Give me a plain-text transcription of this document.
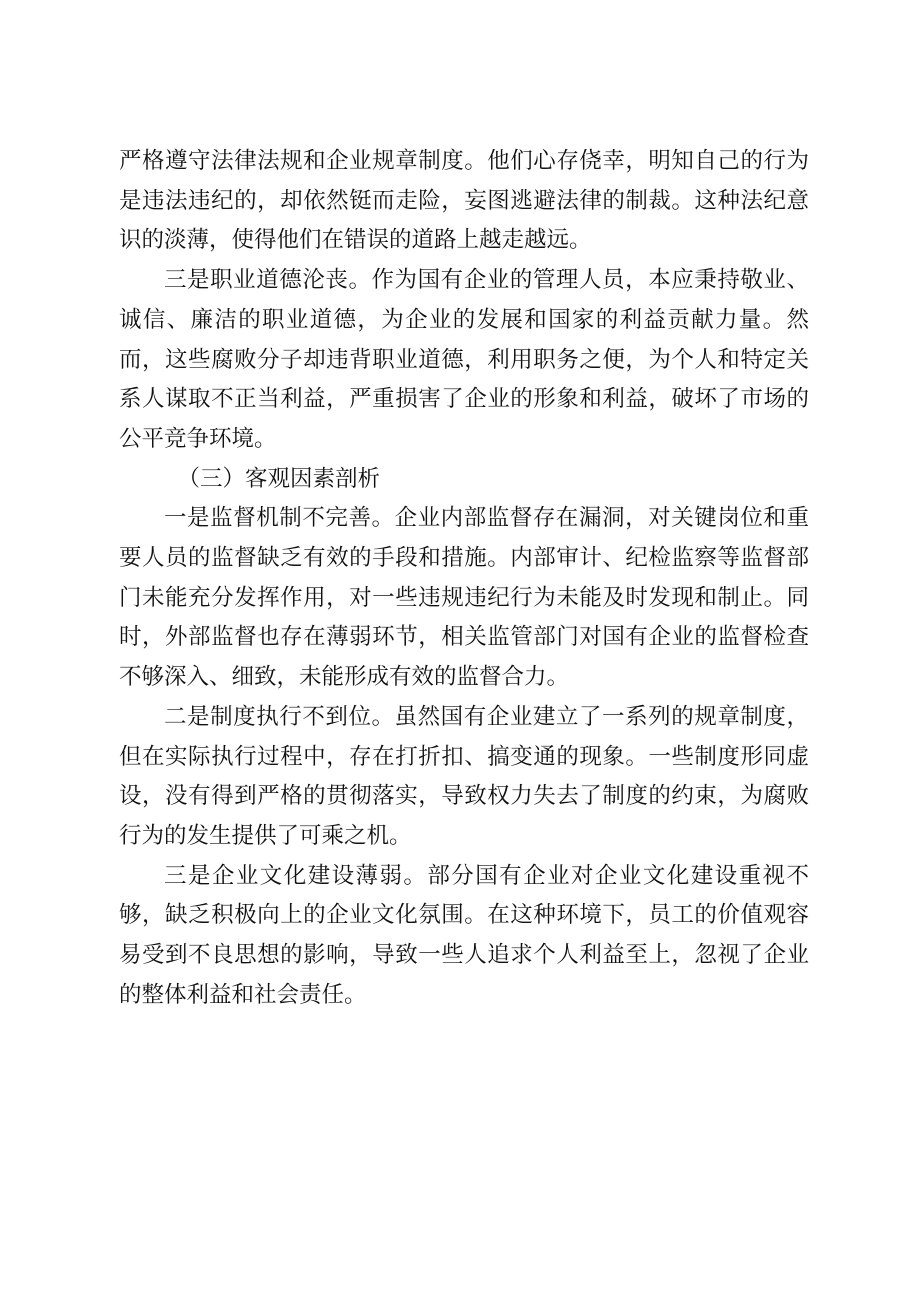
严格遵守法律法规和企业规章制度。他们心存侥幸，明知自己的行为是违法违纪的，却依然铤而走险，妄图逃避法律的制裁。这种法纪意识的淡薄，使得他们在错误的道路上越走越远。

三是职业道德沦丧。作为国有企业的管理人员，本应秉持敬业、诚信、廉洁的职业道德，为企业的发展和国家的利益贡献力量。然而，这些腐败分子却违背职业道德，利用职务之便，为个人和特定关系人谋取不正当利益，严重损害了企业的形象和利益，破坏了市场的公平竞争环境。

（三）客观因素剖析

一是监督机制不完善。企业内部监督存在漏洞，对关键岗位和重要人员的监督缺乏有效的手段和措施。内部审计、纪检监察等监督部门未能充分发挥作用，对一些违规违纪行为未能及时发现和制止。同时，外部监督也存在薄弱环节，相关监管部门对国有企业的监督检查不够深入、细致，未能形成有效的监督合力。

二是制度执行不到位。虽然国有企业建立了一系列的规章制度，但在实际执行过程中，存在打折扣、搞变通的现象。一些制度形同虚设，没有得到严格的贯彻落实，导致权力失去了制度的约束，为腐败行为的发生提供了可乘之机。

三是企业文化建设薄弱。部分国有企业对企业文化建设重视不够，缺乏积极向上的企业文化氛围。在这种环境下，员工的价值观容易受到不良思想的影响，导致一些人追求个人利益至上，忽视了企业的整体利益和社会责任。
